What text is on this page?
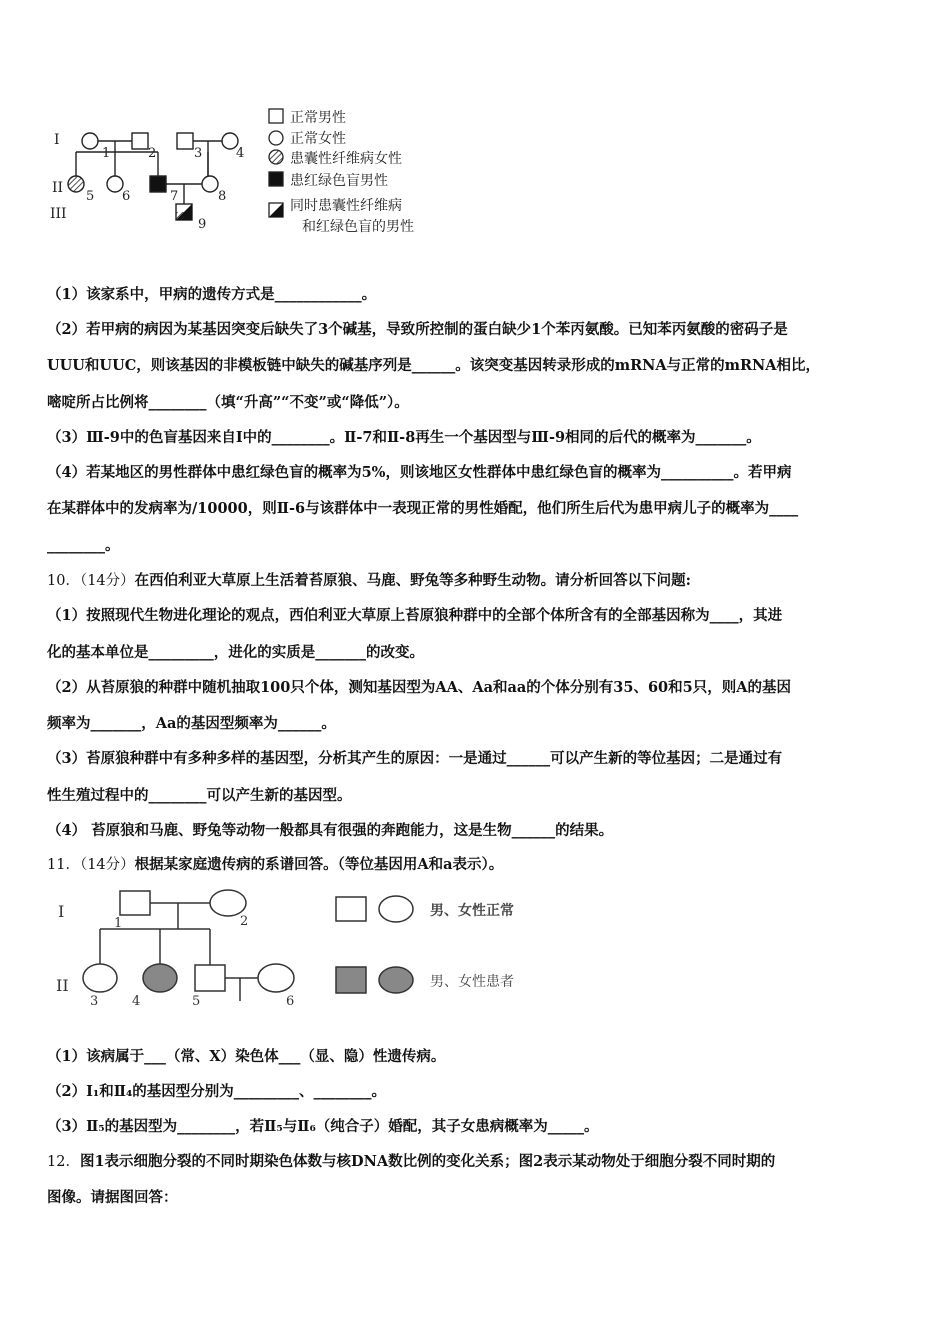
I
II
III
1	2	3	4
5 6	7	8
9
正常男性
正常女性
患囊性纤维病女性
患红绿色盲男性
同时患囊性纤维病
和红绿色盲的男性
（1）该家系中，甲病的遗传方式是____________。
（2）若甲病的病因为某基因突变后缺失了3个碱基，导致所控制的蛋白缺少1个苯丙氨酸。已知苯丙氨酸的密码子是
UUU和UUC，则该基因的非模板链中缺失的碱基序列是______。该突变基因转录形成的mRNA与正常的mRNA相比，
嘧啶所占比例将________（填“升高”“不变”或“降低”）。
（3）Ⅲ-9中的色盲基因来自Ⅰ中的________。Ⅱ-7和Ⅱ-8再生一个基因型与Ⅲ-9相同的后代的概率为_______。
（4）若某地区的男性群体中患红绿色盲的概率为5%，则该地区女性群体中患红绿色盲的概率为__________。若甲病
在某群体中的发病率为/10000，则Ⅱ-6与该群体中一表现正常的男性婚配，他们所生后代为患甲病儿子的概率为____
________。
10．（14分）在西伯利亚大草原上生活着苔原狼、马鹿、野兔等多种野生动物。请分析回答以下问题:
（1）按照现代生物进化理论的观点，西伯利亚大草原上苔原狼种群中的全部个体所含有的全部基因称为____，其进
化的基本单位是_________，进化的实质是_______的改变。
（2）从苔原狼的种群中随机抽取100只个体，测知基因型为AA、Aa和aa的个体分别有35、60和5只，则A的基因
频率为_______，Aa的基因型频率为______。
（3）苔原狼种群中有多种多样的基因型，分析其产生的原因：一是通过______可以产生新的等位基因；二是通过有
性生殖过程中的________可以产生新的基因型。
（4） 苔原狼和马鹿、野兔等动物一般都具有很强的奔跑能力，这是生物______的结果。
11．（14分）根据某家庭遗传病的系谱回答。（等位基因用A和a表示）。
I
II
1	2
3	4	5	6
男、女性正常
男、女性患者
（1）该病属于___（常、X）染色体___（显、隐）性遗传病。
（2）Ⅰ₁和Ⅱ₄的基因型分别为_________、________。
（3）Ⅱ₅的基因型为________，若Ⅱ₅与Ⅱ₆（纯合子）婚配，其子女患病概率为_____。
12．图1表示细胞分裂的不同时期染色体数与核DNA数比例的变化关系；图2表示某动物处于细胞分裂不同时期的
图像。请据图回答：
